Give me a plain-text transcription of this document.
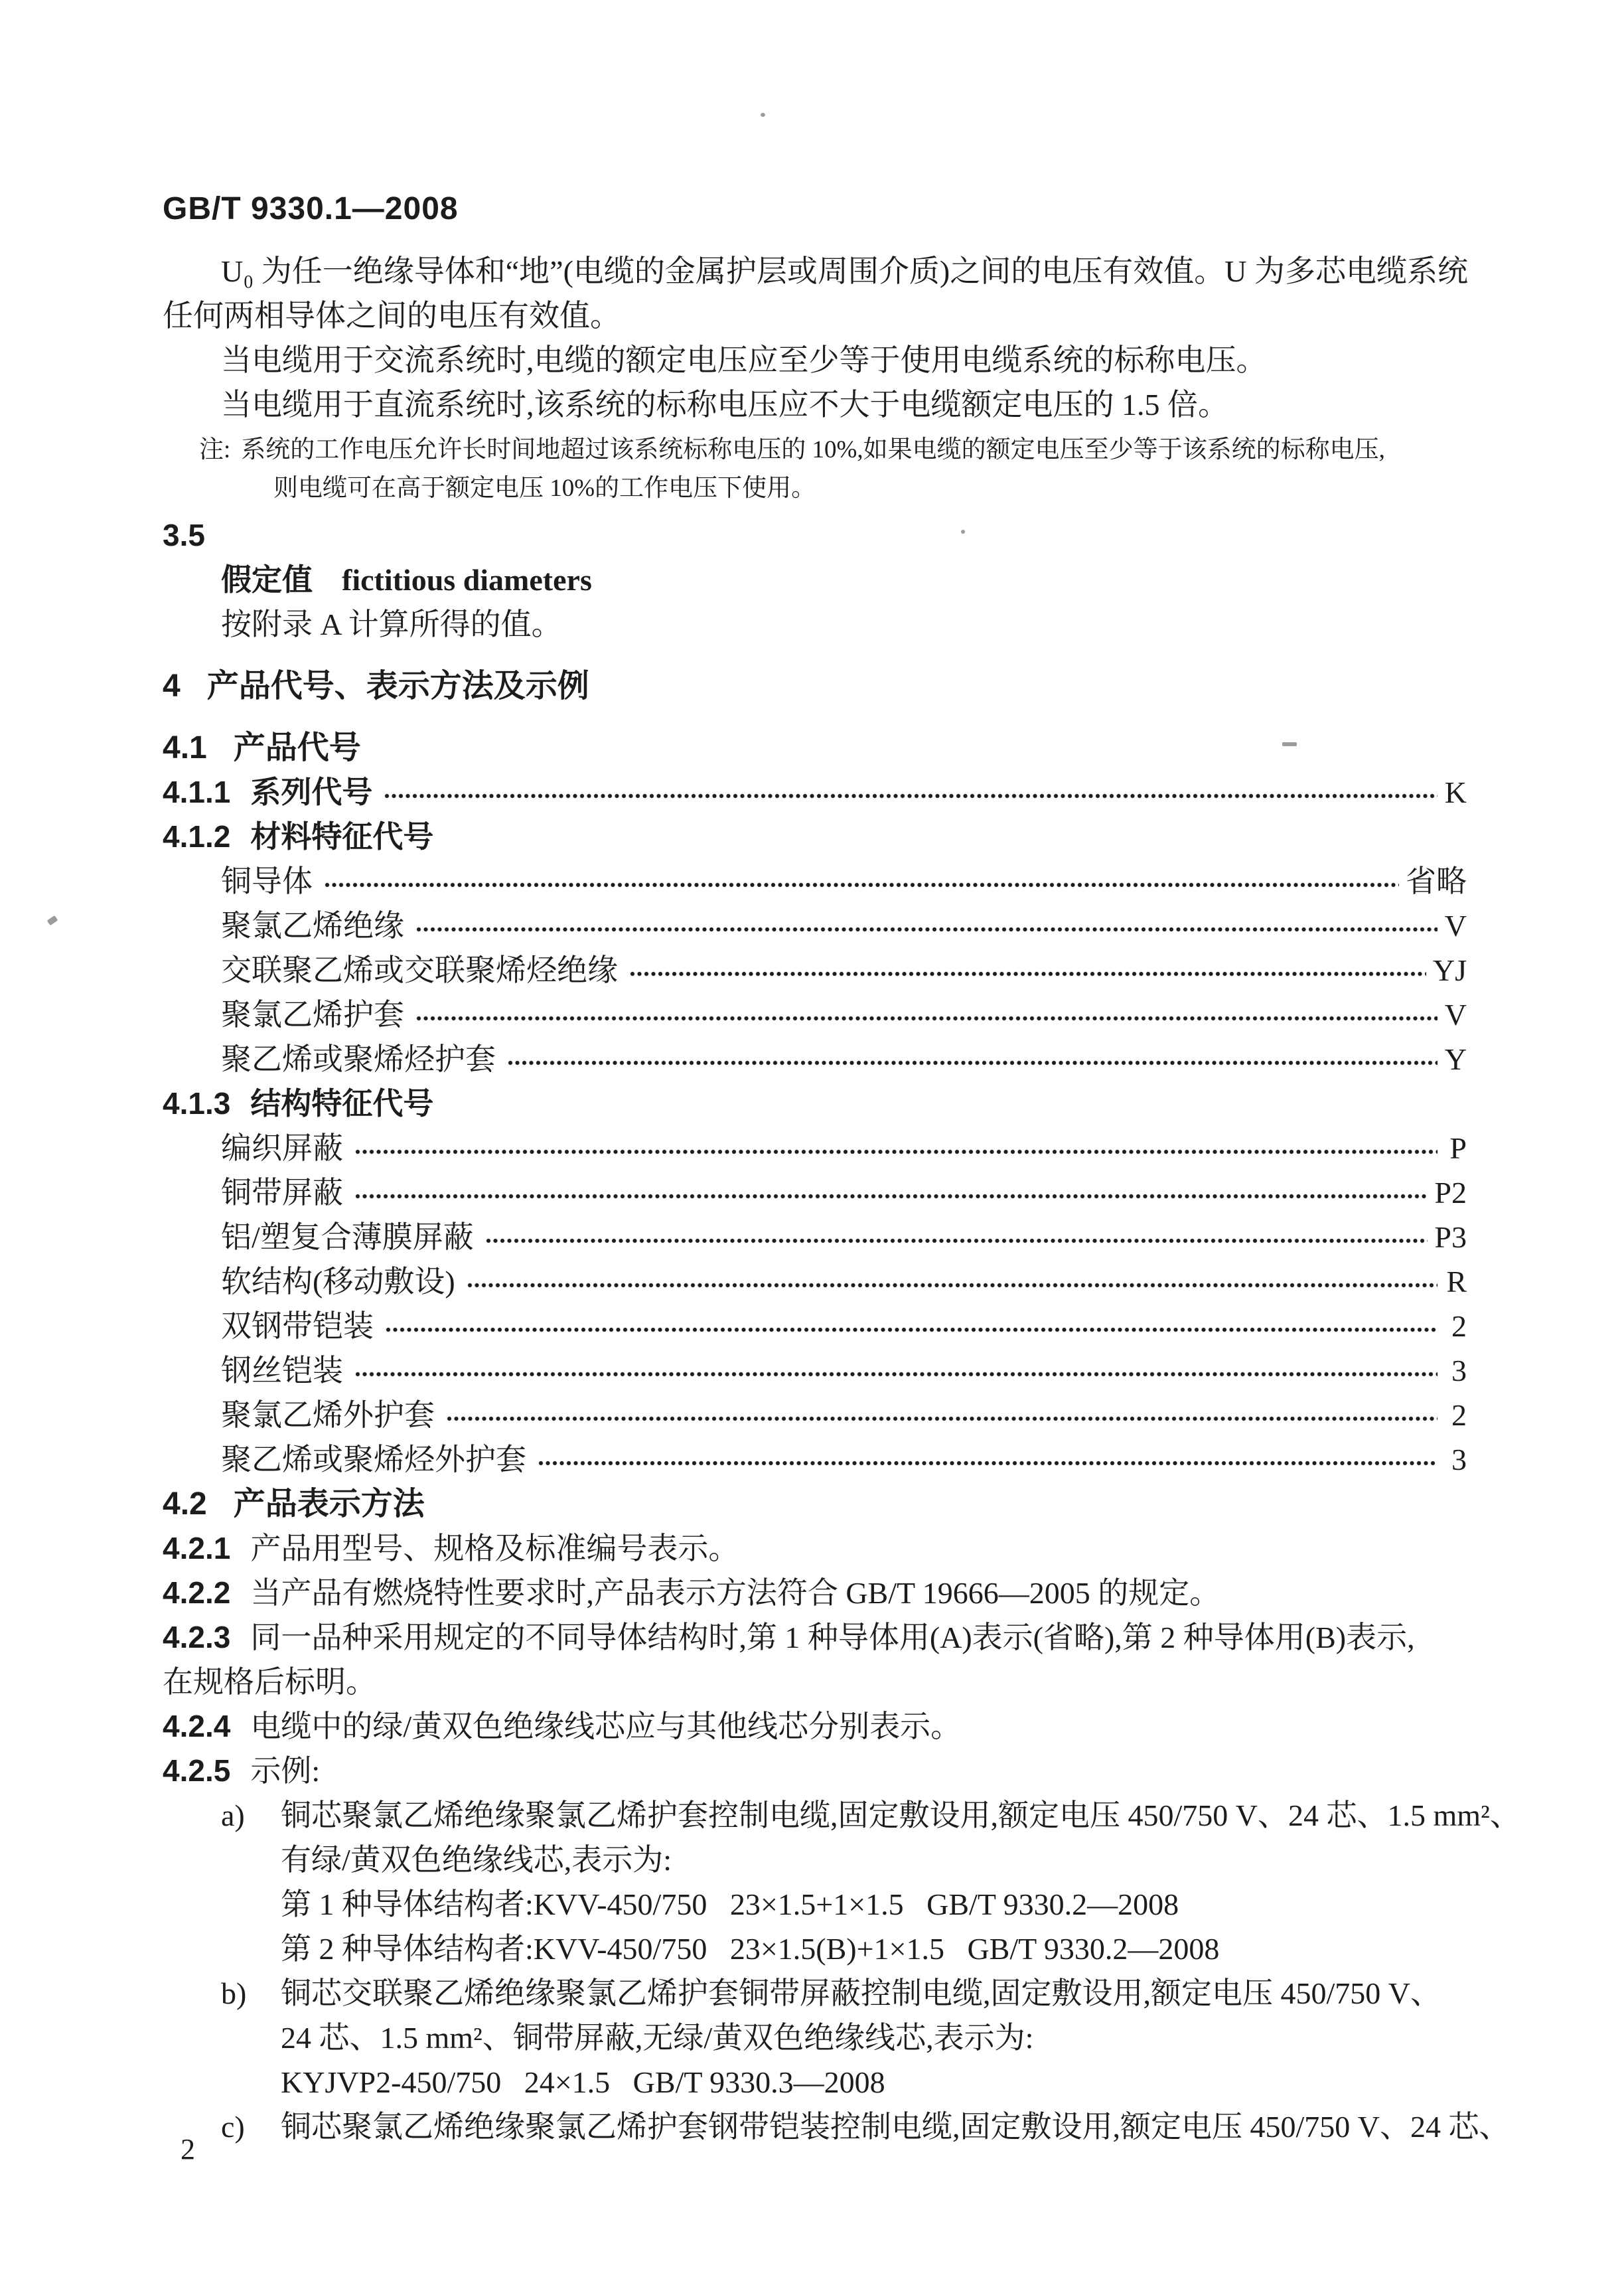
GB/T 9330.1—2008
U₀ 为任一绝缘导体和“地”(电缆的金属护层或周围介质)之间的电压有效值。U 为多芯电缆系统
任何两相导体之间的电压有效值。
当电缆用于交流系统时,电缆的额定电压应至少等于使用电缆系统的标称电压。
当电缆用于直流系统时,该系统的标称电压应不大于电缆额定电压的 1.5 倍。
注: 系统的工作电压允许长时间地超过该系统标称电压的 10%,如果电缆的额定电压至少等于该系统的标称电压,
则电缆可在高于额定电压 10%的工作电压下使用。
3.5
假定值 fictitious diameters
按附录 A 计算所得的值。
4 产品代号、表示方法及示例
4.1 产品代号
4.1.1 系列代号	K
4.1.2 材料特征代号
铜导体	省略
聚氯乙烯绝缘	V
交联聚乙烯或交联聚烯烃绝缘	YJ
聚氯乙烯护套	V
聚乙烯或聚烯烃护套	Y
4.1.3 结构特征代号
编织屏蔽	P
铜带屏蔽	P2
铝/塑复合薄膜屏蔽	P3
软结构(移动敷设)	R
双钢带铠装	2
钢丝铠装	3
聚氯乙烯外护套	2
聚乙烯或聚烯烃外护套	3
4.2 产品表示方法
4.2.1 产品用型号、规格及标准编号表示。
4.2.2 当产品有燃烧特性要求时,产品表示方法符合 GB/T 19666—2005 的规定。
4.2.3 同一品种采用规定的不同导体结构时,第 1 种导体用(A)表示(省略),第 2 种导体用(B)表示,
在规格后标明。
4.2.4 电缆中的绿/黄双色绝缘线芯应与其他线芯分别表示。
4.2.5 示例:
a) 铜芯聚氯乙烯绝缘聚氯乙烯护套控制电缆,固定敷设用,额定电压 450/750 V、24 芯、1.5 mm²、
有绿/黄双色绝缘线芯,表示为:
第 1 种导体结构者:KVV-450/750   23×1.5+1×1.5   GB/T 9330.2—2008
第 2 种导体结构者:KVV-450/750   23×1.5(B)+1×1.5   GB/T 9330.2—2008
b) 铜芯交联聚乙烯绝缘聚氯乙烯护套铜带屏蔽控制电缆,固定敷设用,额定电压 450/750 V、
24 芯、1.5 mm²、铜带屏蔽,无绿/黄双色绝缘线芯,表示为:
KYJVP2-450/750   24×1.5   GB/T 9330.3—2008
c) 铜芯聚氯乙烯绝缘聚氯乙烯护套钢带铠装控制电缆,固定敷设用,额定电压 450/750 V、24 芯、
2
